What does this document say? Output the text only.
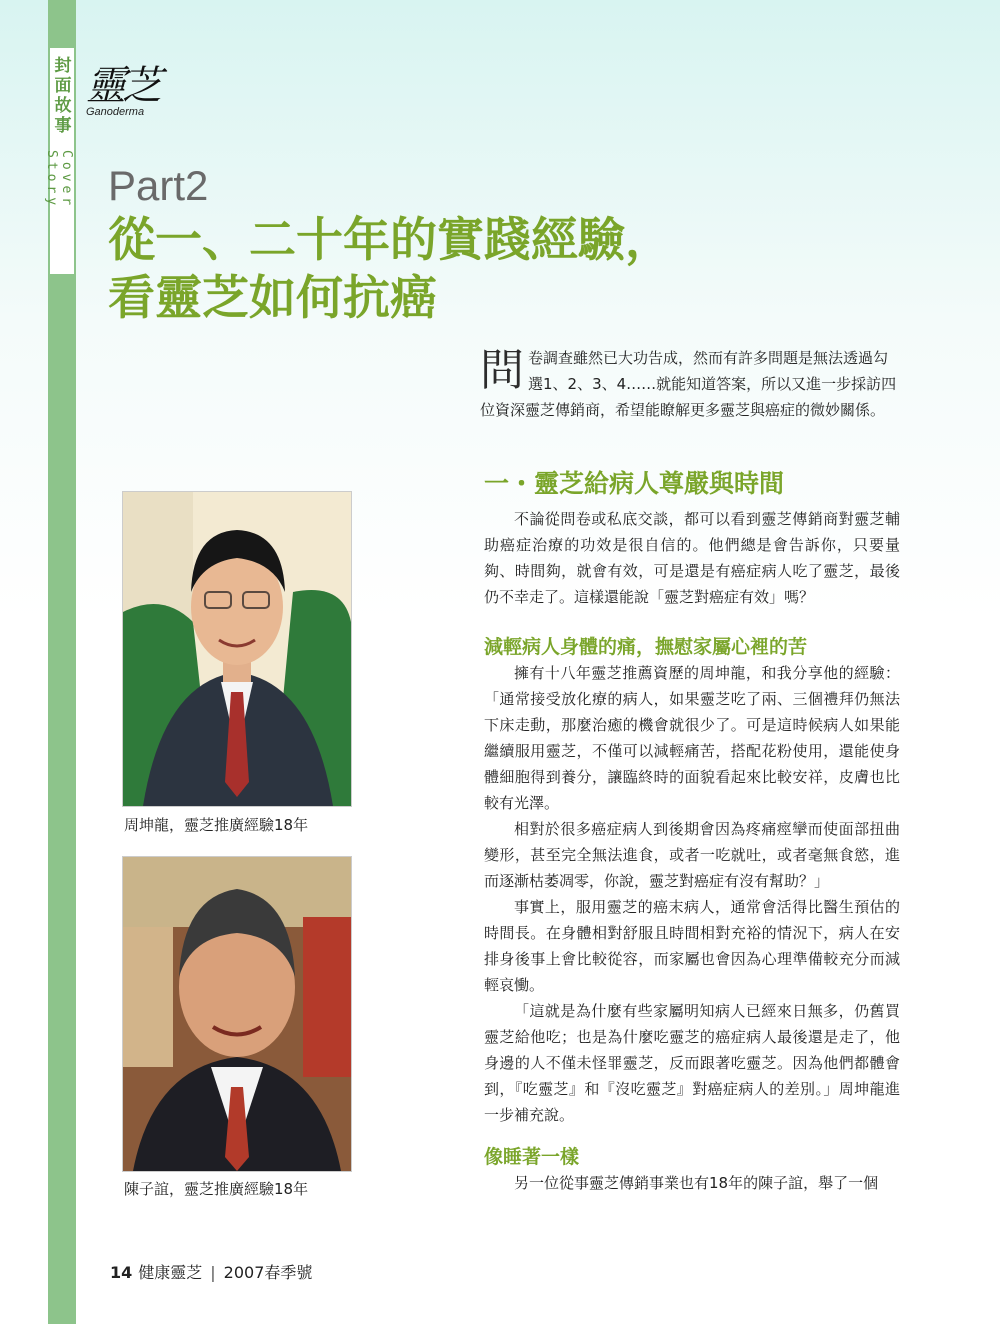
封面故事
Cover Story
靈芝
Ganoderma
Part2
從一、二十年的實踐經驗，
看靈芝如何抗癌
問 卷調查雖然已大功告成，然而有許多問題是無法透過勾選1、2、3、4……就能知道答案，所以又進一步採訪四位資深靈芝傳銷商，希望能瞭解更多靈芝與癌症的微妙關係。
一・靈芝給病人尊嚴與時間

不論從問卷或私底交談，都可以看到靈芝傳銷商對靈芝輔助癌症治療的功效是很自信的。他們總是會告訴你，只要量夠、時間夠，就會有效，可是還是有癌症病人吃了靈芝，最後仍不幸走了。這樣還能說「靈芝對癌症有效」嗎？

減輕病人身體的痛，撫慰家屬心裡的苦

擁有十八年靈芝推薦資歷的周坤龍，和我分享他的經驗：「通常接受放化療的病人，如果靈芝吃了兩、三個禮拜仍無法下床走動，那麼治癒的機會就很少了。可是這時候病人如果能繼續服用靈芝，不僅可以減輕痛苦，搭配花粉使用，還能使身體細胞得到養分，讓臨終時的面貌看起來比較安祥，皮膚也比較有光澤。

相對於很多癌症病人到後期會因為疼痛痙攣而使面部扭曲變形，甚至完全無法進食，或者一吃就吐，或者毫無食慾，進而逐漸枯萎凋零，你說，靈芝對癌症有沒有幫助？」

事實上，服用靈芝的癌末病人，通常會活得比醫生預估的時間長。在身體相對舒服且時間相對充裕的情況下，病人在安排身後事上會比較從容，而家屬也會因為心理準備較充分而減輕哀慟。

「這就是為什麼有些家屬明知病人已經來日無多，仍舊買靈芝給他吃；也是為什麼吃靈芝的癌症病人最後還是走了，他身邊的人不僅未怪罪靈芝，反而跟著吃靈芝。因為他們都體會到，『吃靈芝』和『沒吃靈芝』對癌症病人的差別。」周坤龍進一步補充說。

像睡著一樣

另一位從事靈芝傳銷事業也有18年的陳子誼，舉了一個

周坤龍，靈芝推廣經驗18年
陳子誼，靈芝推廣經驗18年
14 健康靈芝 | 2007春季號
